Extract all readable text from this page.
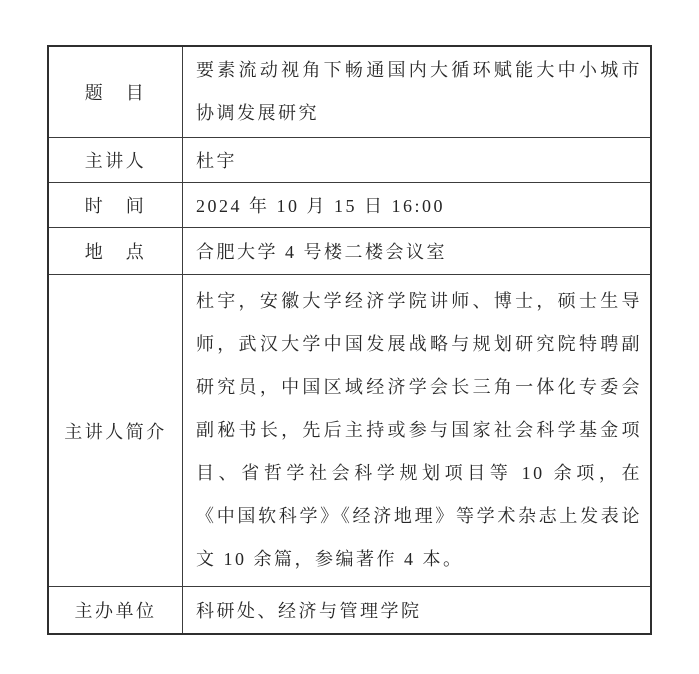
题　目	要素流动视角下畅通国内大循环赋能大中小城市协调发展研究
主讲人	杜宇
时　间	2024 年 10 月 15 日 16:00
地　点	合肥大学 4 号楼二楼会议室
主讲人简介	杜宇，安徽大学经济学院讲师、博士，硕士生导师，武汉大学中国发展战略与规划研究院特聘副研究员，中国区域经济学会长三角一体化专委会副秘书长，先后主持或参与国家社会科学基金项目、省哲学社会科学规划项目等 10 余项，在《中国软科学》《经济地理》等学术杂志上发表论文 10 余篇，参编著作 4 本。
主办单位	科研处、经济与管理学院
